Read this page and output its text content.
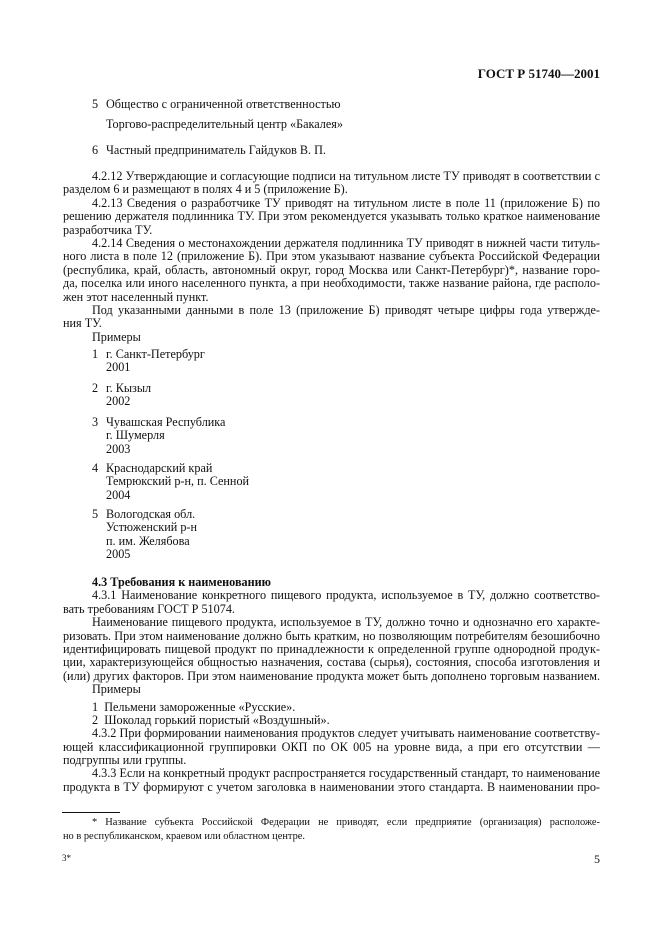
ГОСТ Р 51740—2001
5 Общество с ограниченной ответственностью
Торгово-распределительный центр «Бакалея»
6 Частный предприниматель Гайдуков В. П.
4.2.12 Утверждающие и согласующие подписи на титульном листе ТУ приводят в соответствии с
разделом 6 и размещают в полях 4 и 5 (приложение Б).
4.2.13 Сведения о разработчике ТУ приводят на титульном листе в поле 11 (приложение Б) по
решению держателя подлинника ТУ. При этом рекомендуется указывать только краткое наименование
разработчика ТУ.
4.2.14 Сведения о местонахождении держателя подлинника ТУ приводят в нижней части титуль-
ного листа в поле 12 (приложение Б). При этом указывают название субъекта Российской Федерации
(республика, край, область, автономный округ, город Москва или Санкт-Петербург)*, название горо-
да, поселка или иного населенного пункта, а при необходимости, также название района, где располо-
жен этот населенный пункт.
Под указанными данными в поле 13 (приложение Б) приводят четыре цифры года утвержде-
ния ТУ.
Примеры
1 г. Санкт-Петербург
2001
2 г. Кызыл
2002
3 Чувашская Республика
г. Шумерля
2003
4 Краснодарский край
Темрюкский р-н, п. Сенной
2004
5 Вологодская обл.
Устюженский р-н
п. им. Желябова
2005
4.3 Требования к наименованию
4.3.1 Наименование конкретного пищевого продукта, используемое в ТУ, должно соответство-
вать требованиям ГОСТ Р 51074.
Наименование пищевого продукта, используемое в ТУ, должно точно и однозначно его характе-
ризовать. При этом наименование должно быть кратким, но позволяющим потребителям безошибочно
идентифицировать пищевой продукт по принадлежности к определенной группе однородной продук-
ции, характеризующейся общностью назначения, состава (сырья), состояния, способа изготовления и
(или) других факторов. При этом наименование продукта может быть дополнено торговым названием.
Примеры
1 Пельмени замороженные «Русские».
2 Шоколад горький пористый «Воздушный».
4.3.2 При формировании наименования продуктов следует учитывать наименование соответству-
ющей классификационной группировки ОКП по ОК 005 на уровне вида, а при его отсутствии —
подгруппы или группы.
4.3.3 Если на конкретный продукт распространяется государственный стандарт, то наименование
продукта в ТУ формируют с учетом заголовка в наименовании этого стандарта. В наименовании про-
* Название субъекта Российской Федерации не приводят, если предприятие (организация) расположе-
но в республиканском, краевом или областном центре.
3*	5
